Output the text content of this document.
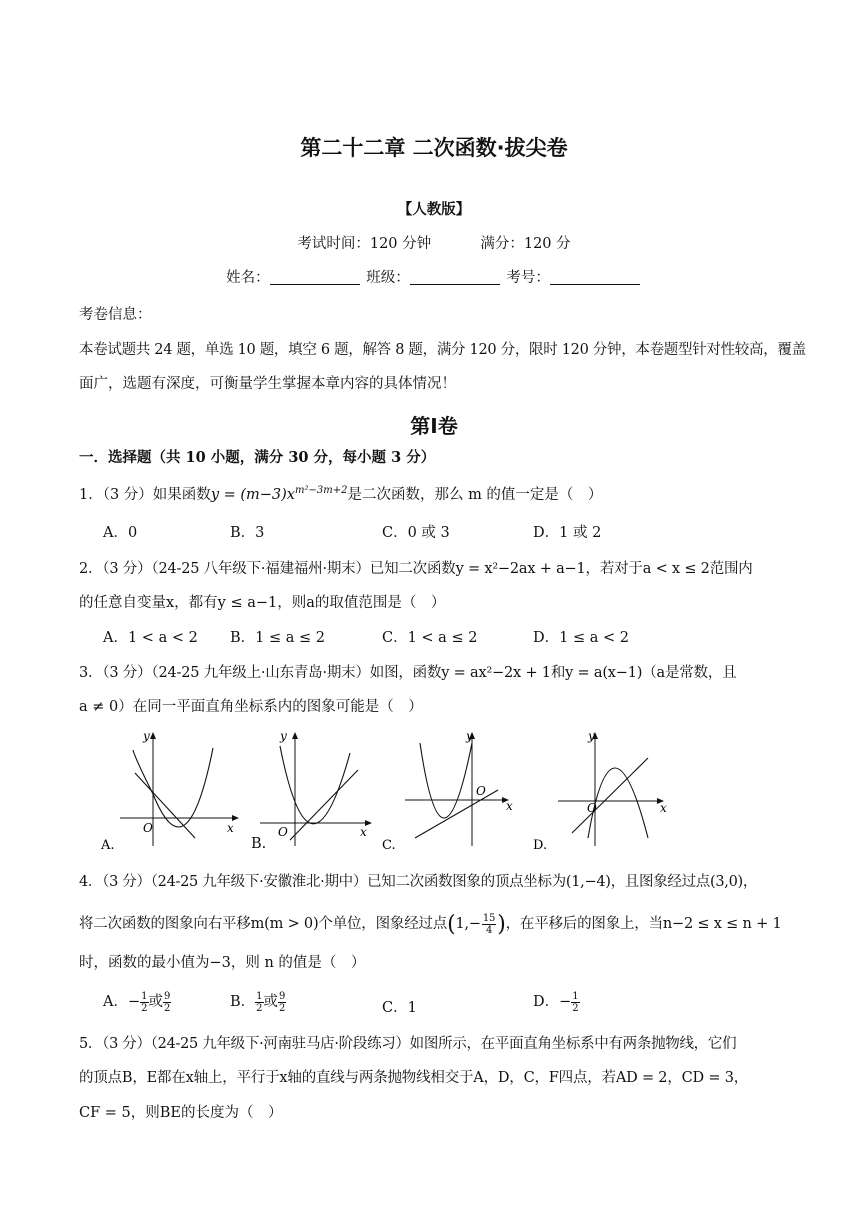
第二十二章 二次函数·拔尖卷
【人教版】
考试时间：120 分钟	满分：120 分
姓名：	班级：	考号：
考卷信息：
本卷试题共 24 题，单选 10 题，填空 6 题，解答 8 题，满分 120 分，限时 120 分钟，本卷题型针对性较高，覆盖
面广，选题有深度，可衡量学生掌握本章内容的具体情况！
第Ⅰ卷
一．选择题（共 10 小题，满分 30 分，每小题 3 分）
1．（3 分）如果函数$y = (m-3)x^{m^2-3m+2}$是二次函数，那么 m 的值一定是（　）
A．0	B．3	C．0 或 3	D．1 或 2
2．（3 分）（24-25 八年级下·福建福州·期末）已知二次函数y = x²−2ax + a−1，若对于a < x ≤ 2范围内
的任意自变量x，都有y ≤ a−1，则a的取值范围是（　）
A．1 < a < 2 B．1 ≤ a ≤ 2	C．1 < a ≤ 2	D．1 ≤ a < 2
3．（3 分）（24-25 九年级上·山东青岛·期末）如图，函数y = ax²−2x + 1和y = a(x−1)（a是常数，且
a ≠ 0）在同一平面直角坐标系内的图象可能是（　）
y
x
O
A.
y
x
O
B.
y
x
O
C.
y
x
O
D.
4．（3 分）（24-25 九年级下·安徽淮北·期中）已知二次函数图象的顶点坐标为(1,−4)，且图象经过点(3,0)，
将二次函数的图象向右平移m(m > 0)个单位，图象经过点($1,- \frac{15}{4}$ )，在平移后的图象上，当n−2 ≤ x ≤ n + 1
时，函数的最小值为−3，则 n 的值是（　）
A．− $\frac{1}{2}$ 或 $\frac{9}{2}$	B． $\frac{1}{2}$ 或 $\frac{9}{2}$	C．1	D．− $\frac{1}{2}$
5．（3 分）（24-25 九年级下·河南驻马店·阶段练习）如图所示，在平面直角坐标系中有两条抛物线，它们
的顶点B，E都在x轴上，平行于x轴的直线与两条抛物线相交于A，D，C，F四点，若AD = 2，CD = 3，
CF = 5，则BE的长度为（　）
